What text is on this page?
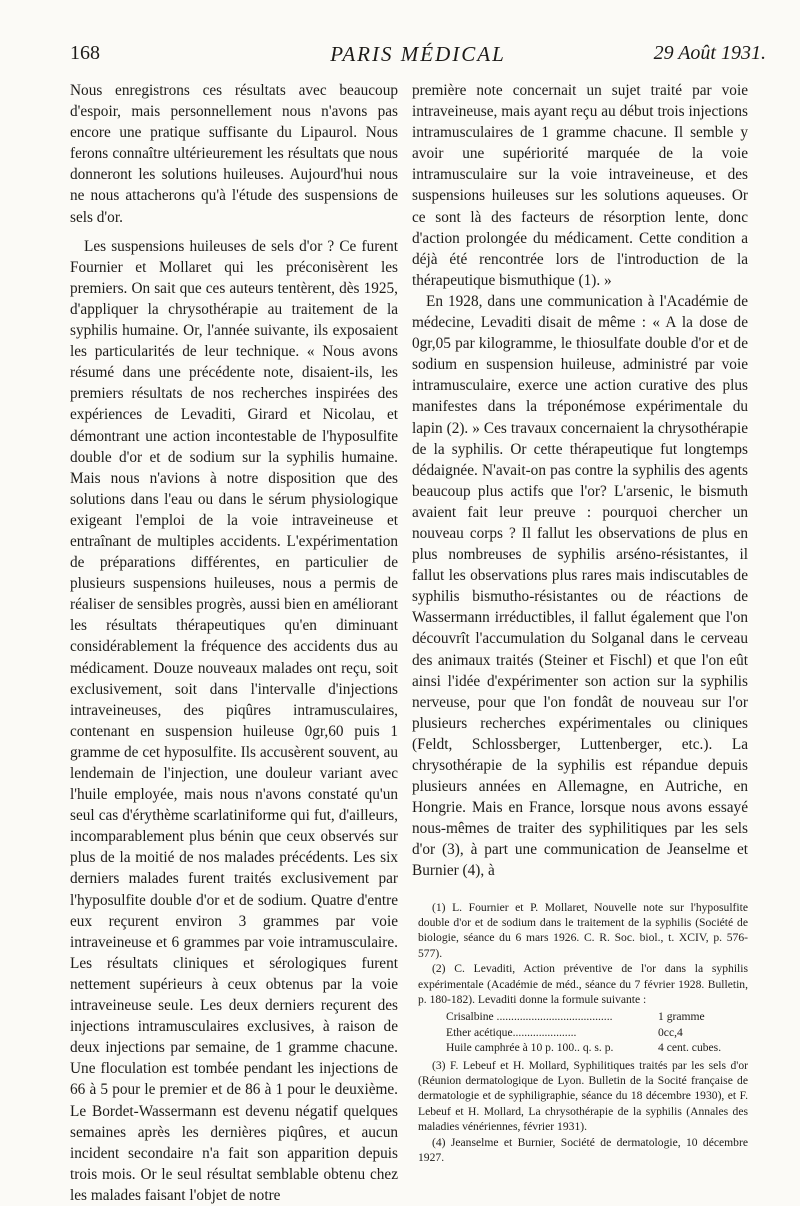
168	PARIS MÉDICAL	29 Août 1931.

Nous enregistrons ces résultats avec beaucoup d'espoir, mais personnellement nous n'avons pas encore une pratique suffisante du Lipaurol. Nous ferons connaître ultérieurement les résultats que nous donneront les solutions huileuses. Aujourd'hui nous ne nous attacherons qu'à l'étude des suspensions de sels d'or.

Les suspensions huileuses de sels d'or ? Ce furent Fournier et Mollaret qui les préconisèrent les premiers. On sait que ces auteurs tentèrent, dès 1925, d'appliquer la chrysothérapie au traitement de la syphilis humaine. Or, l'année suivante, ils exposaient les particularités de leur technique. « Nous avons résumé dans une précédente note, disaient-ils, les premiers résultats de nos recherches inspirées des expériences de Levaditi, Girard et Nicolau, et démontrant une action incontestable de l'hyposulfite double d'or et de sodium sur la syphilis humaine. Mais nous n'avions à notre disposition que des solutions dans l'eau ou dans le sérum physiologique exigeant l'emploi de la voie intraveineuse et entraînant de multiples accidents. L'expérimentation de préparations différentes, en particulier de plusieurs suspensions huileuses, nous a permis de réaliser de sensibles progrès, aussi bien en améliorant les résultats thérapeutiques qu'en diminuant considérablement la fréquence des accidents dus au médicament. Douze nouveaux malades ont reçu, soit exclusivement, soit dans l'intervalle d'injections intraveineuses, des piqûres intramusculaires, contenant en suspension huileuse 0gr,60 puis 1 gramme de cet hyposulfite. Ils accusèrent souvent, au lendemain de l'injection, une douleur variant avec l'huile employée, mais nous n'avons constaté qu'un seul cas d'érythème scarlatiniforme qui fut, d'ailleurs, incomparablement plus bénin que ceux observés sur plus de la moitié de nos malades précédents. Les six derniers malades furent traités exclusivement par l'hyposulfite double d'or et de sodium. Quatre d'entre eux reçurent environ 3 grammes par voie intraveineuse et 6 grammes par voie intramusculaire. Les résultats cliniques et sérologiques furent nettement supérieurs à ceux obtenus par la voie intraveineuse seule. Les deux derniers reçurent des injections intramusculaires exclusives, à raison de deux injections par semaine, de 1 gramme chacune. Une floculation est tombée pendant les injections de 66 à 5 pour le premier et de 86 à 1 pour le deuxième. Le Bordet-Wassermann est devenu négatif quelques semaines après les dernières piqûres, et aucun incident secondaire n'a fait son apparition depuis trois mois. Or le seul résultat semblable obtenu chez les malades faisant l'objet de notre

première note concernait un sujet traité par voie intraveineuse, mais ayant reçu au début trois injections intramusculaires de 1 gramme chacune. Il semble y avoir une supériorité marquée de la voie intramusculaire sur la voie intraveineuse, et des suspensions huileuses sur les solutions aqueuses. Or ce sont là des facteurs de résorption lente, donc d'action prolongée du médicament. Cette condition a déjà été rencontrée lors de l'introduction de la thérapeutique bismuthique (1). »

En 1928, dans une communication à l'Académie de médecine, Levaditi disait de même : « A la dose de 0gr,05 par kilogramme, le thiosulfate double d'or et de sodium en suspension huileuse, administré par voie intramusculaire, exerce une action curative des plus manifestes dans la tréponémose expérimentale du lapin (2). » Ces travaux concernaient la chrysothérapie de la syphilis. Or cette thérapeutique fut longtemps dédaignée. N'avait-on pas contre la syphilis des agents beaucoup plus actifs que l'or? L'arsenic, le bismuth avaient fait leur preuve : pourquoi chercher un nouveau corps ? Il fallut les observations de plus en plus nombreuses de syphilis arséno-résistantes, il fallut les observations plus rares mais indiscutables de syphilis bismutho-résistantes ou de réactions de Wassermann irréductibles, il fallut également que l'on découvrît l'accumulation du Solganal dans le cerveau des animaux traités (Steiner et Fischl) et que l'on eût ainsi l'idée d'expérimenter son action sur la syphilis nerveuse, pour que l'on fondât de nouveau sur l'or plusieurs recherches expérimentales ou cliniques (Feldt, Schlossberger, Luttenberger, etc.). La chrysothérapie de la syphilis est répandue depuis plusieurs années en Allemagne, en Autriche, en Hongrie. Mais en France, lorsque nous avons essayé nous-mêmes de traiter des syphilitiques par les sels d'or (3), à part une communication de Jeanselme et Burnier (4), à

(1) L. Fournier et P. Mollaret, Nouvelle note sur l'hyposulfite double d'or et de sodium dans le traitement de la syphilis (Société de biologie, séance du 6 mars 1926. C. R. Soc. biol., t. XCIV, p. 576-577).

(2) C. Levaditi, Action préventive de l'or dans la syphilis expérimentale (Académie de méd., séance du 7 février 1928. Bulletin, p. 180-182). Levaditi donne la formule suivante :

Crisalbine ........................................	1 gramme
Ether acétique......................	0cc,4
Huile camphrée à 10 p. 100.. q. s. p.	4 cent. cubes.

(3) F. Lebeuf et H. Mollard, Syphilitiques traités par les sels d'or (Réunion dermatologique de Lyon. Bulletin de la Socité française de dermatologie et de syphiligraphie, séance du 18 décembre 1930), et F. Lebeuf et H. Mollard, La chrysothérapie de la syphilis (Annales des maladies vénériennes, février 1931).

(4) Jeanselme et Burnier, Société de dermatologie, 10 décembre 1927.
